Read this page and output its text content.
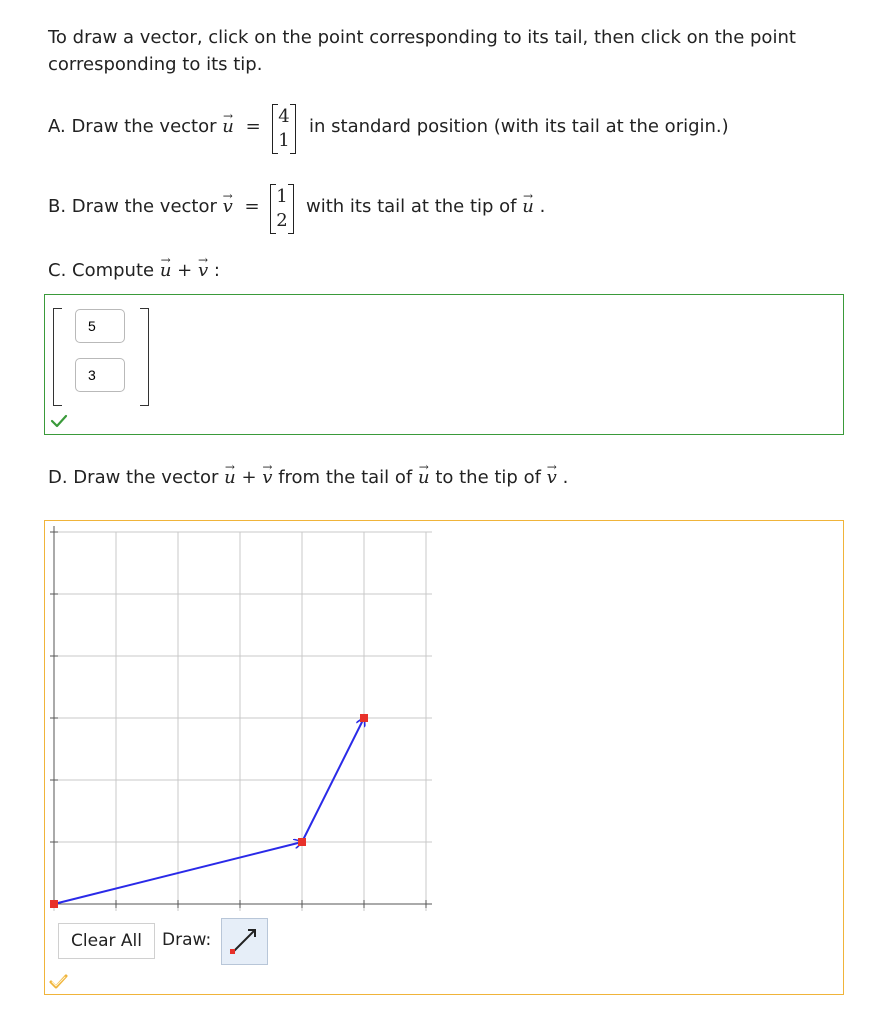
To draw a vector, click on the point corresponding to its tail, then click on the point
corresponding to its tip.
A. Draw the vector → u = 4
1
in standard position (with its tail at the origin.)
B. Draw the vector → v = 1
2
with its tail at the tip of → u .
C. Compute → u + → v :
5
3
D. Draw the vector → u + → v from the tail of → u to the tip of → v .
Clear All	Draw:
